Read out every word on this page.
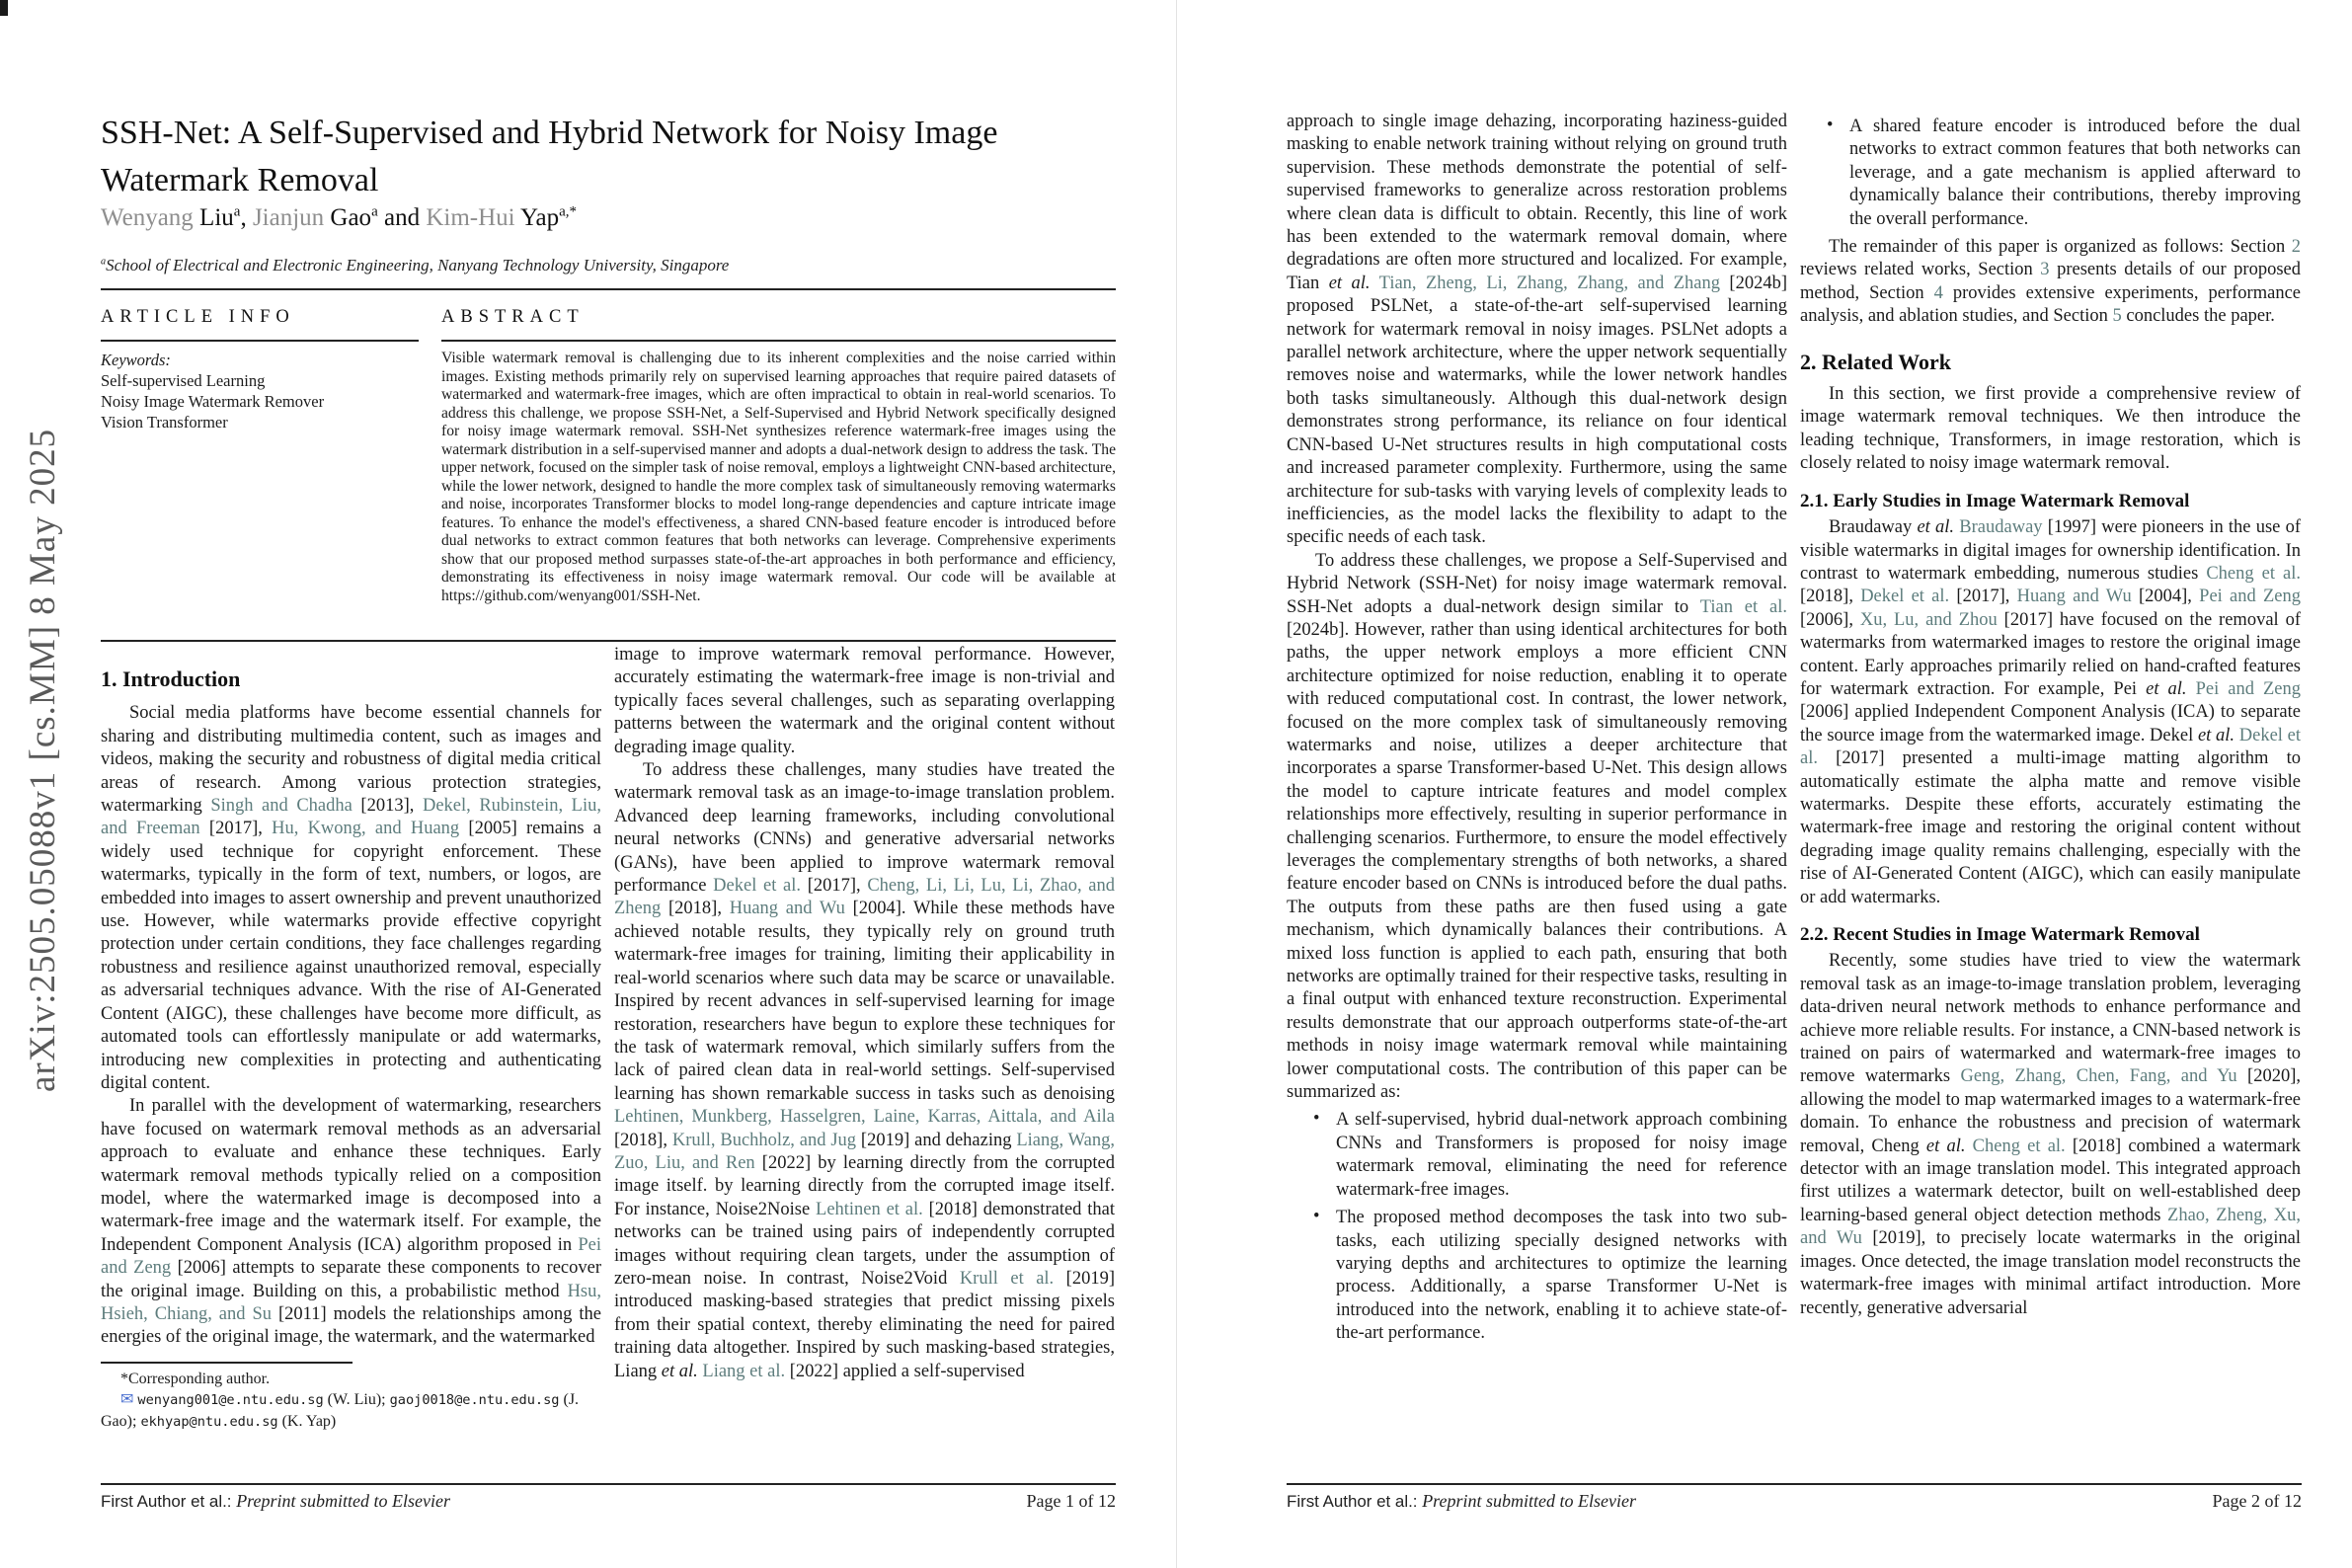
arXiv:2505.05088v1 [cs.MM] 8 May 2025
SSH-Net: A Self-Supervised and Hybrid Network for Noisy Image Watermark Removal
Wenyang Liu$^a$, Jianjun Gao$^a$ and Kim-Hui Yap$^{a,*}$
$^a$School of Electrical and Electronic Engineering, Nanyang Technology University, Singapore
ARTICLE INFO
Keywords:
Self-supervised Learning
Noisy Image Watermark Remover
Vision Transformer
ABSTRACT
Visible watermark removal is challenging due to its inherent complexities and the noise carried within images. Existing methods primarily rely on supervised learning approaches that require paired datasets of watermarked and watermark-free images, which are often impractical to obtain in real-world scenarios. To address this challenge, we propose SSH-Net, a Self-Supervised and Hybrid Network specifically designed for noisy image watermark removal. SSH-Net synthesizes reference watermark-free images using the watermark distribution in a self-supervised manner and adopts a dual-network design to address the task. The upper network, focused on the simpler task of noise removal, employs a lightweight CNN-based architecture, while the lower network, designed to handle the more complex task of simultaneously removing watermarks and noise, incorporates Transformer blocks to model long-range dependencies and capture intricate image features. To enhance the model's effectiveness, a shared CNN-based feature encoder is introduced before dual networks to extract common features that both networks can leverage. Comprehensive experiments show that our proposed method surpasses state-of-the-art approaches in both performance and efficiency, demonstrating its effectiveness in noisy image watermark removal. Our code will be available at https://github.com/wenyang001/SSH-Net.
1. Introduction

Social media platforms have become essential channels for sharing and distributing multimedia content, such as images and videos, making the security and robustness of digital media critical areas of research. Among various protection strategies, watermarking Singh and Chadha [2013], Dekel, Rubinstein, Liu, and Freeman [2017], Hu, Kwong, and Huang [2005] remains a widely used technique for copyright enforcement. These watermarks, typically in the form of text, numbers, or logos, are embedded into images to assert ownership and prevent unauthorized use. However, while watermarks provide effective copyright protection under certain conditions, they face challenges regarding robustness and resilience against unauthorized removal, especially as adversarial techniques advance. With the rise of AI-Generated Content (AIGC), these challenges have become more difficult, as automated tools can effortlessly manipulate or add watermarks, introducing new complexities in protecting and authenticating digital content.

In parallel with the development of watermarking, researchers have focused on watermark removal methods as an adversarial approach to evaluate and enhance these techniques. Early watermark removal methods typically relied on a composition model, where the watermarked image is decomposed into a watermark-free image and the watermark itself. For example, the Independent Component Analysis (ICA) algorithm proposed in Pei and Zeng [2006] attempts to separate these components to recover the original image. Building on this, a probabilistic method Hsu, Hsieh, Chiang, and Su [2011] models the relationships among the energies of the original image, the watermark, and the watermarked

*Corresponding author.
✉ wenyang001@e.ntu.edu.sg (W. Liu); gaoj0018@e.ntu.edu.sg (J. Gao); ekhyap@ntu.edu.sg (K. Yap)

image to improve watermark removal performance. However, accurately estimating the watermark-free image is non-trivial and typically faces several challenges, such as separating overlapping patterns between the watermark and the original content without degrading image quality.

To address these challenges, many studies have treated the watermark removal task as an image-to-image translation problem. Advanced deep learning frameworks, including convolutional neural networks (CNNs) and generative adversarial networks (GANs), have been applied to improve watermark removal performance Dekel et al. [2017], Cheng, Li, Li, Lu, Li, Zhao, and Zheng [2018], Huang and Wu [2004]. While these methods have achieved notable results, they typically rely on ground truth watermark-free images for training, limiting their applicability in real-world scenarios where such data may be scarce or unavailable. Inspired by recent advances in self-supervised learning for image restoration, researchers have begun to explore these techniques for the task of watermark removal, which similarly suffers from the lack of paired clean data in real-world settings. Self-supervised learning has shown remarkable success in tasks such as denoising Lehtinen, Munkberg, Hasselgren, Laine, Karras, Aittala, and Aila [2018], Krull, Buchholz, and Jug [2019] and dehazing Liang, Wang, Zuo, Liu, and Ren [2022] by learning directly from the corrupted image itself. by learning directly from the corrupted image itself. For instance, Noise2Noise Lehtinen et al. [2018] demonstrated that networks can be trained using pairs of independently corrupted images without requiring clean targets, under the assumption of zero-mean noise. In contrast, Noise2Void Krull et al. [2019] introduced masking-based strategies that predict missing pixels from their spatial context, thereby eliminating the need for paired training data altogether. Inspired by such masking-based strategies, Liang et al. Liang et al. [2022] applied a self-supervised

First Author et al.: Preprint submitted to Elsevier	Page 1 of 12

approach to single image dehazing, incorporating haziness-guided masking to enable network training without relying on ground truth supervision. These methods demonstrate the potential of self-supervised frameworks to generalize across restoration problems where clean data is difficult to obtain. Recently, this line of work has been extended to the watermark removal domain, where degradations are often more structured and localized. For example, Tian et al. Tian, Zheng, Li, Zhang, Zhang, and Zhang [2024b] proposed PSLNet, a state-of-the-art self-supervised learning network for watermark removal in noisy images. PSLNet adopts a parallel network architecture, where the upper network sequentially removes noise and watermarks, while the lower network handles both tasks simultaneously. Although this dual-network design demonstrates strong performance, its reliance on four identical CNN-based U-Net structures results in high computational costs and increased parameter complexity. Furthermore, using the same architecture for sub-tasks with varying levels of complexity leads to inefficiencies, as the model lacks the flexibility to adapt to the specific needs of each task.

To address these challenges, we propose a Self-Supervised and Hybrid Network (SSH-Net) for noisy image watermark removal. SSH-Net adopts a dual-network design similar to Tian et al. [2024b]. However, rather than using identical architectures for both paths, the upper network employs a more efficient CNN architecture optimized for noise reduction, enabling it to operate with reduced computational cost. In contrast, the lower network, focused on the more complex task of simultaneously removing watermarks and noise, utilizes a deeper architecture that incorporates a sparse Transformer-based U-Net. This design allows the model to capture intricate features and model complex relationships more effectively, resulting in superior performance in challenging scenarios. Furthermore, to ensure the model effectively leverages the complementary strengths of both networks, a shared feature encoder based on CNNs is introduced before the dual paths. The outputs from these paths are then fused using a gate mechanism, which dynamically balances their contributions. A mixed loss function is applied to each path, ensuring that both networks are optimally trained for their respective tasks, resulting in a final output with enhanced texture reconstruction. Experimental results demonstrate that our approach outperforms state-of-the-art methods in noisy image watermark removal while maintaining lower computational costs. The contribution of this paper can be summarized as:

• A self-supervised, hybrid dual-network approach combining CNNs and Transformers is proposed for noisy image watermark removal, eliminating the need for reference watermark-free images.

• The proposed method decomposes the task into two sub-tasks, each utilizing specially designed networks with varying depths and architectures to optimize the learning process. Additionally, a sparse Transformer U-Net is introduced into the network, enabling it to achieve state-of-the-art performance.

• A shared feature encoder is introduced before the dual networks to extract common features that both networks can leverage, and a gate mechanism is applied afterward to dynamically balance their contributions, thereby improving the overall performance.

The remainder of this paper is organized as follows: Section 2 reviews related works, Section 3 presents details of our proposed method, Section 4 provides extensive experiments, performance analysis, and ablation studies, and Section 5 concludes the paper.

2. Related Work

In this section, we first provide a comprehensive review of image watermark removal techniques. We then introduce the leading technique, Transformers, in image restoration, which is closely related to noisy image watermark removal.

2.1. Early Studies in Image Watermark Removal

Braudaway et al. Braudaway [1997] were pioneers in the use of visible watermarks in digital images for ownership identification. In contrast to watermark embedding, numerous studies Cheng et al. [2018], Dekel et al. [2017], Huang and Wu [2004], Pei and Zeng [2006], Xu, Lu, and Zhou [2017] have focused on the removal of watermarks from watermarked images to restore the original image content. Early approaches primarily relied on hand-crafted features for watermark extraction. For example, Pei et al. Pei and Zeng [2006] applied Independent Component Analysis (ICA) to separate the source image from the watermarked image. Dekel et al. Dekel et al. [2017] presented a multi-image matting algorithm to automatically estimate the alpha matte and remove visible watermarks. Despite these efforts, accurately estimating the watermark-free image and restoring the original content without degrading image quality remains challenging, especially with the rise of AI-Generated Content (AIGC), which can easily manipulate or add watermarks.

2.2. Recent Studies in Image Watermark Removal

Recently, some studies have tried to view the watermark removal task as an image-to-image translation problem, leveraging data-driven neural network methods to enhance performance and achieve more reliable results. For instance, a CNN-based network is trained on pairs of watermarked and watermark-free images to remove watermarks Geng, Zhang, Chen, Fang, and Yu [2020], allowing the model to map watermarked images to a watermark-free domain. To enhance the robustness and precision of watermark removal, Cheng et al. Cheng et al. [2018] combined a watermark detector with an image translation model. This integrated approach first utilizes a watermark detector, built on well-established deep learning-based general object detection methods Zhao, Zheng, Xu, and Wu [2019], to precisely locate watermarks in the original images. Once detected, the image translation model reconstructs the watermark-free images with minimal artifact introduction. More recently, generative adversarial

First Author et al.: Preprint submitted to Elsevier	Page 2 of 12
